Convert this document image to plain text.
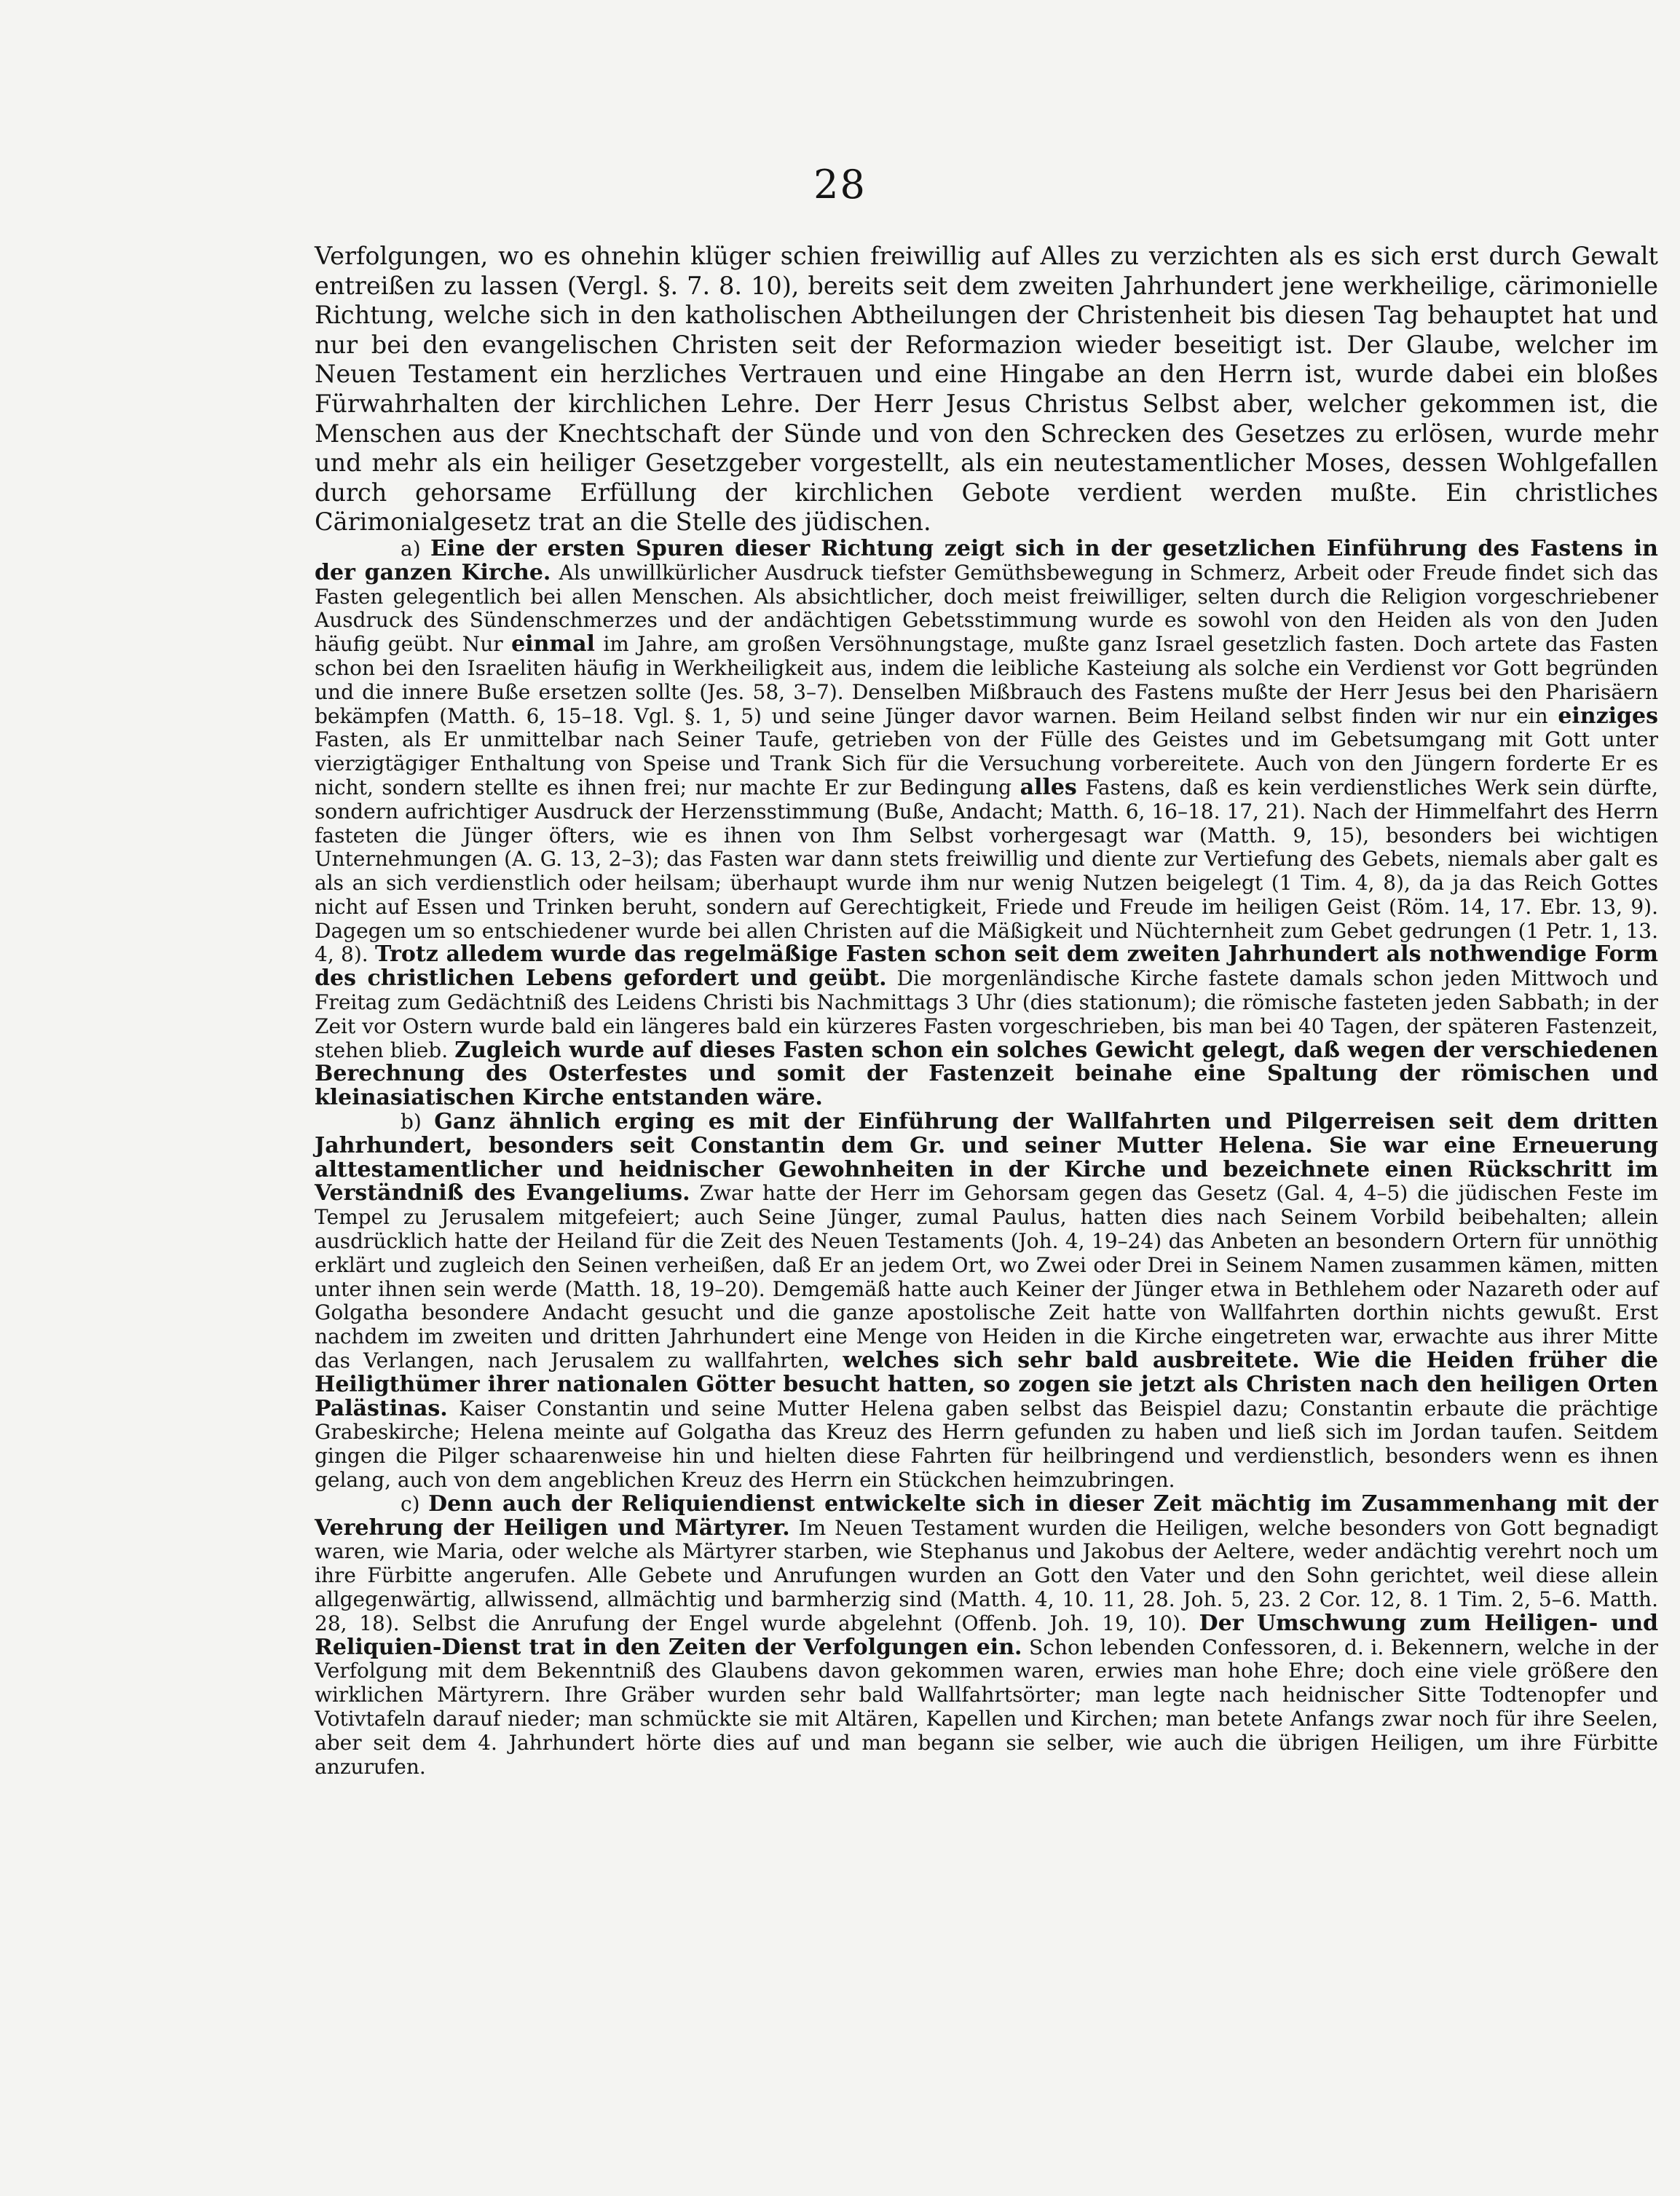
28

Verfolgungen, wo es ohnehin klüger schien freiwillig auf Alles zu verzichten als es sich erst durch Gewalt entreißen zu lassen (Vergl. §. 7. 8. 10), bereits seit dem zweiten Jahrhundert jene werkheilige, cärimonielle Richtung, welche sich in den katholischen Abtheilungen der Christenheit bis diesen Tag behauptet hat und nur bei den evangelischen Christen seit der Reformazion wieder beseitigt ist. Der Glaube, welcher im Neuen Testament ein herzliches Vertrauen und eine Hingabe an den Herrn ist, wurde dabei ein bloßes Fürwahrhalten der kirchlichen Lehre. Der Herr Jesus Christus Selbst aber, welcher gekommen ist, die Menschen aus der Knechtschaft der Sünde und von den Schrecken des Gesetzes zu erlösen, wurde mehr und mehr als ein heiliger Gesetzgeber vorgestellt, als ein neutestamentlicher Moses, dessen Wohlgefallen durch gehorsame Erfüllung der kirchlichen Gebote verdient werden mußte. Ein christliches Cärimonialgesetz trat an die Stelle des jüdischen.

a) Eine der ersten Spuren dieser Richtung zeigt sich in der gesetzlichen Einführung des Fastens in der ganzen Kirche. Als unwillkürlicher Ausdruck tiefster Gemüthsbewegung in Schmerz, Arbeit oder Freude findet sich das Fasten gelegentlich bei allen Menschen. Als absichtlicher, doch meist freiwilliger, selten durch die Religion vorgeschriebener Ausdruck des Sündenschmerzes und der andächtigen Gebetsstimmung wurde es sowohl von den Heiden als von den Juden häufig geübt. Nur einmal im Jahre, am großen Versöhnungstage, mußte ganz Israel gesetzlich fasten. Doch artete das Fasten schon bei den Israeliten häufig in Werkheiligkeit aus, indem die leibliche Kasteiung als solche ein Verdienst vor Gott begründen und die innere Buße ersetzen sollte (Jes. 58, 3–7). Denselben Mißbrauch des Fastens mußte der Herr Jesus bei den Pharisäern bekämpfen (Matth. 6, 15–18. Vgl. §. 1, 5) und seine Jünger davor warnen. Beim Heiland selbst finden wir nur ein einziges Fasten, als Er unmittelbar nach Seiner Taufe, getrieben von der Fülle des Geistes und im Gebetsumgang mit Gott unter vierzigtägiger Enthaltung von Speise und Trank Sich für die Versuchung vorbereitete. Auch von den Jüngern forderte Er es nicht, sondern stellte es ihnen frei; nur machte Er zur Bedingung alles Fastens, daß es kein verdienstliches Werk sein dürfte, sondern aufrichtiger Ausdruck der Herzensstimmung (Buße, Andacht; Matth. 6, 16–18. 17, 21). Nach der Himmelfahrt des Herrn fasteten die Jünger öfters, wie es ihnen von Ihm Selbst vorhergesagt war (Matth. 9, 15), besonders bei wichtigen Unternehmungen (A. G. 13, 2–3); das Fasten war dann stets freiwillig und diente zur Vertiefung des Gebets, niemals aber galt es als an sich verdienstlich oder heilsam; überhaupt wurde ihm nur wenig Nutzen beigelegt (1 Tim. 4, 8), da ja das Reich Gottes nicht auf Essen und Trinken beruht, sondern auf Gerechtigkeit, Friede und Freude im heiligen Geist (Röm. 14, 17. Ebr. 13, 9). Dagegen um so entschiedener wurde bei allen Christen auf die Mäßigkeit und Nüchternheit zum Gebet gedrungen (1 Petr. 1, 13. 4, 8). Trotz alledem wurde das regelmäßige Fasten schon seit dem zweiten Jahrhundert als nothwendige Form des christlichen Lebens gefordert und geübt. Die morgenländische Kirche fastete damals schon jeden Mittwoch und Freitag zum Gedächtniß des Leidens Christi bis Nachmittags 3 Uhr (dies stationum); die römische fasteten jeden Sabbath; in der Zeit vor Ostern wurde bald ein längeres bald ein kürzeres Fasten vorgeschrieben, bis man bei 40 Tagen, der späteren Fastenzeit, stehen blieb. Zugleich wurde auf dieses Fasten schon ein solches Gewicht gelegt, daß wegen der verschiedenen Berechnung des Osterfestes und somit der Fastenzeit beinahe eine Spaltung der römischen und kleinasiatischen Kirche entstanden wäre.

b) Ganz ähnlich erging es mit der Einführung der Wallfahrten und Pilgerreisen seit dem dritten Jahrhundert, besonders seit Constantin dem Gr. und seiner Mutter Helena. Sie war eine Erneuerung alttestamentlicher und heidnischer Gewohnheiten in der Kirche und bezeichnete einen Rückschritt im Verständniß des Evangeliums. Zwar hatte der Herr im Gehorsam gegen das Gesetz (Gal. 4, 4–5) die jüdischen Feste im Tempel zu Jerusalem mitgefeiert; auch Seine Jünger, zumal Paulus, hatten dies nach Seinem Vorbild beibehalten; allein ausdrücklich hatte der Heiland für die Zeit des Neuen Testaments (Joh. 4, 19–24) das Anbeten an besondern Ortern für unnöthig erklärt und zugleich den Seinen verheißen, daß Er an jedem Ort, wo Zwei oder Drei in Seinem Namen zusammen kämen, mitten unter ihnen sein werde (Matth. 18, 19–20). Demgemäß hatte auch Keiner der Jünger etwa in Bethlehem oder Nazareth oder auf Golgatha besondere Andacht gesucht und die ganze apostolische Zeit hatte von Wallfahrten dorthin nichts gewußt. Erst nachdem im zweiten und dritten Jahrhundert eine Menge von Heiden in die Kirche eingetreten war, erwachte aus ihrer Mitte das Verlangen, nach Jerusalem zu wallfahrten, welches sich sehr bald ausbreitete. Wie die Heiden früher die Heiligthümer ihrer nationalen Götter besucht hatten, so zogen sie jetzt als Christen nach den heiligen Orten Palästinas. Kaiser Constantin und seine Mutter Helena gaben selbst das Beispiel dazu; Constantin erbaute die prächtige Grabeskirche; Helena meinte auf Golgatha das Kreuz des Herrn gefunden zu haben und ließ sich im Jordan taufen. Seitdem gingen die Pilger schaarenweise hin und hielten diese Fahrten für heilbringend und verdienstlich, besonders wenn es ihnen gelang, auch von dem angeblichen Kreuz des Herrn ein Stückchen heimzubringen.

c) Denn auch der Reliquiendienst entwickelte sich in dieser Zeit mächtig im Zusammenhang mit der Verehrung der Heiligen und Märtyrer. Im Neuen Testament wurden die Heiligen, welche besonders von Gott begnadigt waren, wie Maria, oder welche als Märtyrer starben, wie Stephanus und Jakobus der Aeltere, weder andächtig verehrt noch um ihre Fürbitte angerufen. Alle Gebete und Anrufungen wurden an Gott den Vater und den Sohn gerichtet, weil diese allein allgegenwärtig, allwissend, allmächtig und barmherzig sind (Matth. 4, 10. 11, 28. Joh. 5, 23. 2 Cor. 12, 8. 1 Tim. 2, 5–6. Matth. 28, 18). Selbst die Anrufung der Engel wurde abgelehnt (Offenb. Joh. 19, 10). Der Umschwung zum Heiligen- und Reliquien-Dienst trat in den Zeiten der Verfolgungen ein. Schon lebenden Confessoren, d. i. Bekennern, welche in der Verfolgung mit dem Bekenntniß des Glaubens davon gekommen waren, erwies man hohe Ehre; doch eine viele größere den wirklichen Märtyrern. Ihre Gräber wurden sehr bald Wallfahrtsörter; man legte nach heidnischer Sitte Todtenopfer und Votivtafeln darauf nieder; man schmückte sie mit Altären, Kapellen und Kirchen; man betete Anfangs zwar noch für ihre Seelen, aber seit dem 4. Jahrhundert hörte dies auf und man begann sie selber, wie auch die übrigen Heiligen, um ihre Fürbitte anzurufen.
